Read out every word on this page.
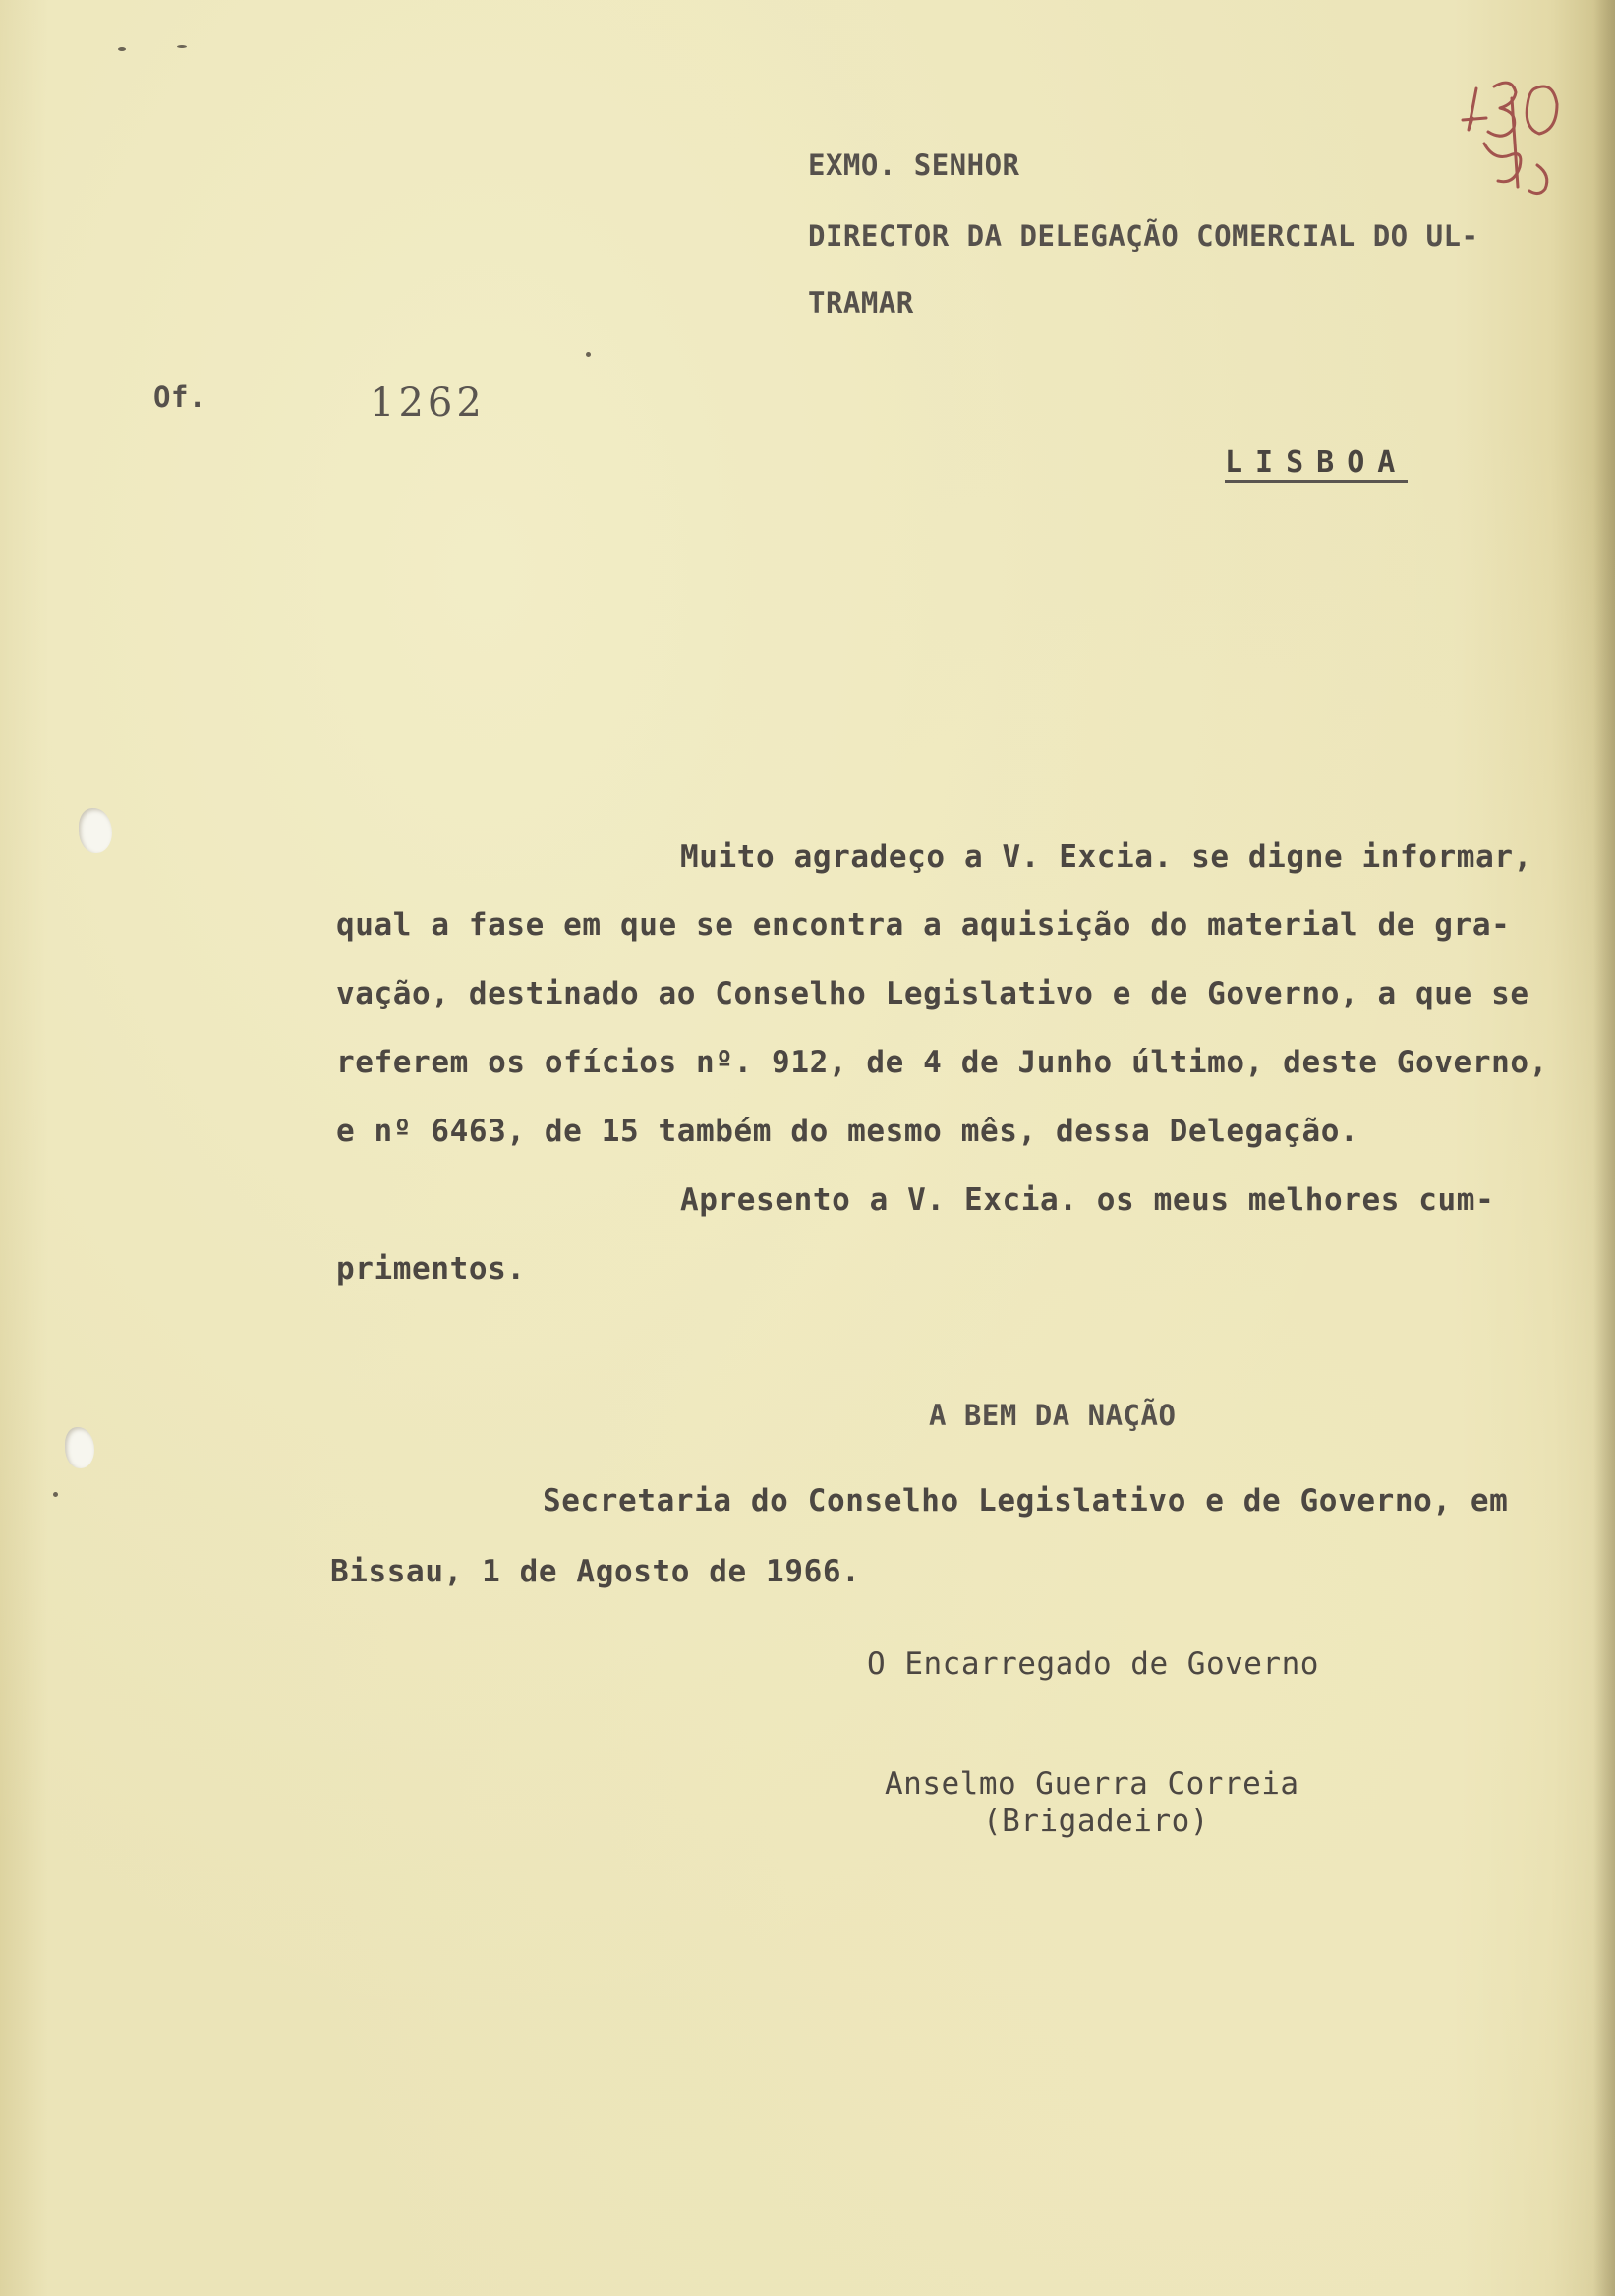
EXMO. SENHOR

DIRECTOR DA DELEGAÇÃO COMERCIAL DO UL-

TRAMAR

Of.	1262

LISBOA

Muito agradeço a V. Excia. se digne informar,

qual a fase em que se encontra a aquisição do material de gra-

vação, destinado ao Conselho Legislativo e de Governo, a que se

referem os ofícios nº. 912, de 4 de Junho último, deste Governo,

e nº 6463, de 15 também do mesmo mês, dessa Delegação.

Apresento a V. Excia. os meus melhores cum-

primentos.

A BEM DA NAÇÃO

Secretaria do Conselho Legislativo e de Governo, em

Bissau, 1 de Agosto de 1966.

O Encarregado de Governo

Anselmo Guerra Correia

(Brigadeiro)
